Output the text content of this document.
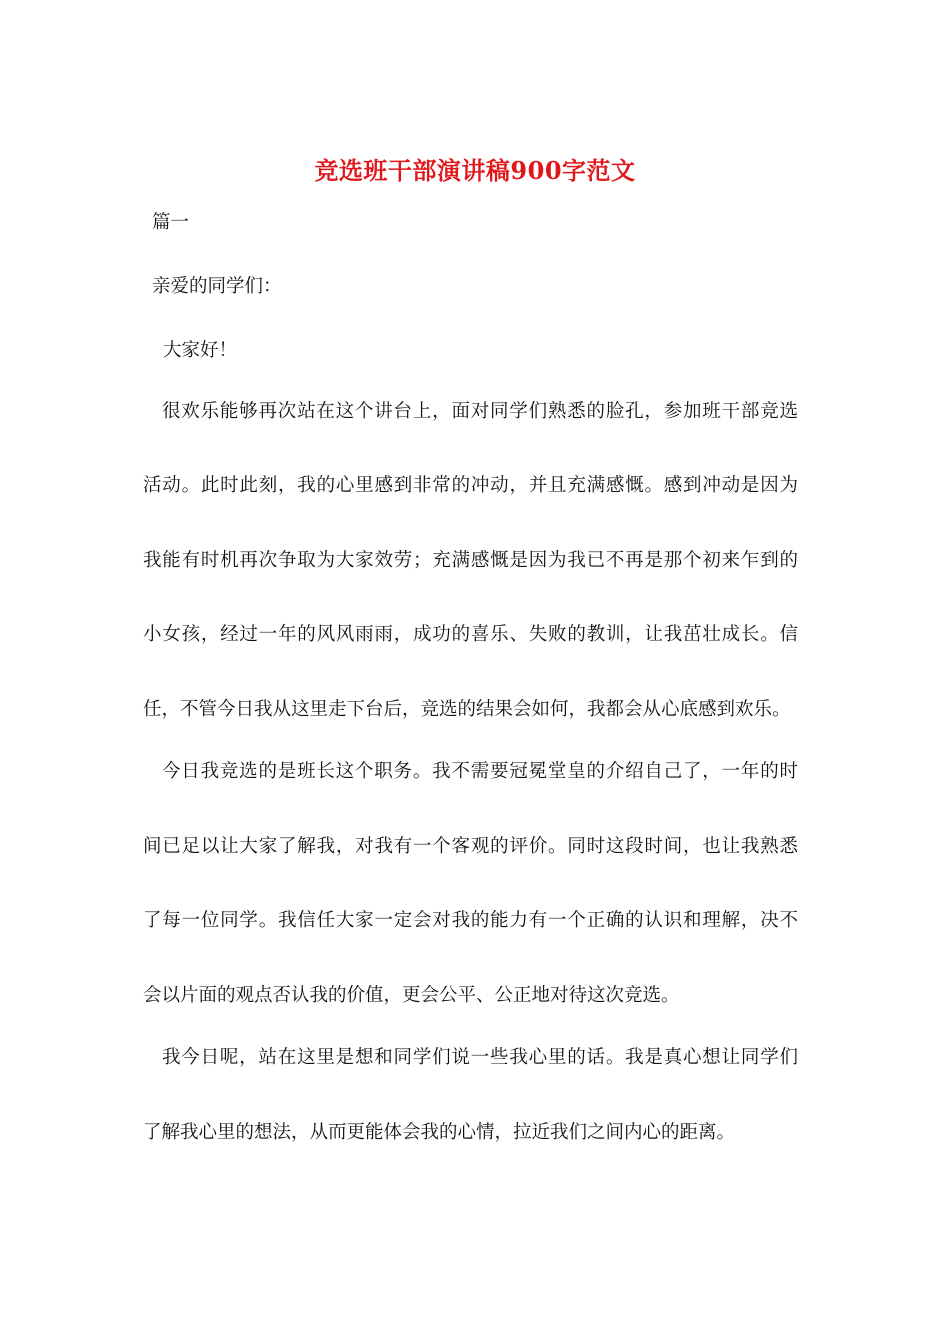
竞选班干部演讲稿900字范文
篇一
亲爱的同学们：
大家好！
很欢乐能够再次站在这个讲台上，面对同学们熟悉的脸孔，参加班干部竞选
活动。此时此刻，我的心里感到非常的冲动，并且充满感慨。感到冲动是因为
我能有时机再次争取为大家效劳；充满感慨是因为我已不再是那个初来乍到的
小女孩，经过一年的风风雨雨，成功的喜乐、失败的教训，让我茁壮成长。信
任，不管今日我从这里走下台后，竞选的结果会如何，我都会从心底感到欢乐。
今日我竞选的是班长这个职务。我不需要冠冕堂皇的介绍自己了，一年的时
间已足以让大家了解我，对我有一个客观的评价。同时这段时间，也让我熟悉
了每一位同学。我信任大家一定会对我的能力有一个正确的认识和理解，决不
会以片面的观点否认我的价值，更会公平、公正地对待这次竞选。
我今日呢，站在这里是想和同学们说一些我心里的话。我是真心想让同学们
了解我心里的想法，从而更能体会我的心情，拉近我们之间内心的距离。
